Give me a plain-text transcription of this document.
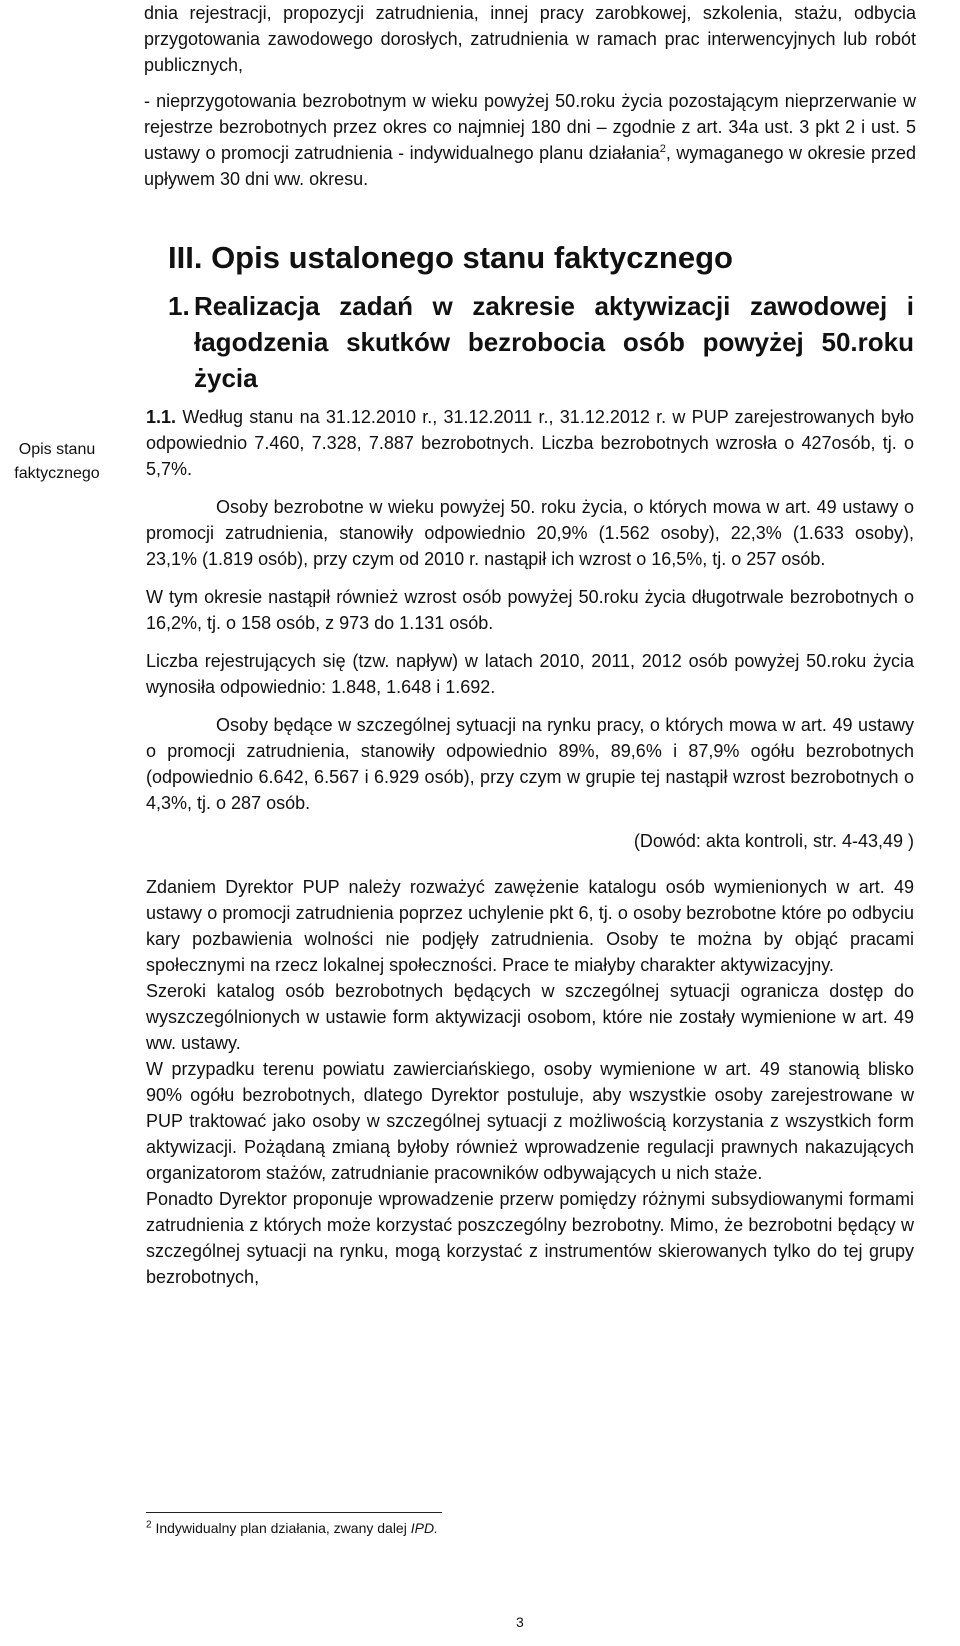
dnia rejestracji, propozycji zatrudnienia, innej pracy zarobkowej, szkolenia, stażu, odbycia przygotowania zawodowego dorosłych, zatrudnienia w ramach prac interwencyjnych lub robót publicznych,

- nieprzygotowania bezrobotnym w wieku powyżej 50.roku życia pozostającym nieprzerwanie w rejestrze bezrobotnych przez okres co najmniej 180 dni – zgodnie z art. 34a ust. 3 pkt 2 i ust. 5 ustawy o promocji zatrudnienia - indywidualnego planu działania$^2$, wymaganego w okresie przed upływem 30 dni ww. okresu.

Opis stanu faktycznego
III. Opis ustalonego stanu faktycznego
1. Realizacja zadań w zakresie aktywizacji zawodowej i łagodzenia skutków bezrobocia osób powyżej 50.roku życia

1.1. Według stanu na 31.12.2010 r., 31.12.2011 r., 31.12.2012 r. w PUP zarejestrowanych było odpowiednio 7.460, 7.328, 7.887 bezrobotnych. Liczba bezrobotnych wzrosła o 427osób, tj. o 5,7%.

Osoby bezrobotne w wieku powyżej 50. roku życia, o których mowa w art. 49 ustawy o promocji zatrudnienia, stanowiły odpowiednio 20,9% (1.562 osoby), 22,3% (1.633 osoby), 23,1% (1.819 osób), przy czym od 2010 r. nastąpił ich wzrost o 16,5%, tj. o 257 osób.

W tym okresie nastąpił również wzrost osób powyżej 50.roku życia długotrwale bezrobotnych o 16,2%, tj. o 158 osób, z 973 do 1.131 osób.

Liczba rejestrujących się (tzw. napływ) w latach 2010, 2011, 2012 osób powyżej 50.roku życia wynosiła odpowiednio: 1.848, 1.648 i 1.692.

Osoby będące w szczególnej sytuacji na rynku pracy, o których mowa w art. 49 ustawy o promocji zatrudnienia, stanowiły odpowiednio 89%, 89,6% i 87,9% ogółu bezrobotnych (odpowiednio 6.642, 6.567 i 6.929 osób), przy czym w grupie tej nastąpił wzrost bezrobotnych o 4,3%, tj. o 287 osób.

(Dowód: akta kontroli, str. 4-43,49 )

Zdaniem Dyrektor PUP należy rozważyć zawężenie katalogu osób wymienionych w art. 49 ustawy o promocji zatrudnienia poprzez uchylenie pkt 6, tj. o osoby bezrobotne które po odbyciu kary pozbawienia wolności nie podjęły zatrudnienia. Osoby te można by objąć pracami społecznymi na rzecz lokalnej społeczności. Prace te miałyby charakter aktywizacyjny.

Szeroki katalog osób bezrobotnych będących w szczególnej sytuacji ogranicza dostęp do wyszczególnionych w ustawie form aktywizacji osobom, które nie zostały wymienione w art. 49 ww. ustawy.

W przypadku terenu powiatu zawierciańskiego, osoby wymienione w art. 49 stanowią blisko 90% ogółu bezrobotnych, dlatego Dyrektor postuluje, aby wszystkie osoby zarejestrowane w PUP traktować jako osoby w szczególnej sytuacji z możliwością korzystania z wszystkich form aktywizacji. Pożądaną zmianą byłoby również wprowadzenie regulacji prawnych nakazujących organizatorom stażów, zatrudnianie pracowników odbywających u nich staże.

Ponadto Dyrektor proponuje wprowadzenie przerw pomiędzy różnymi subsydiowanymi formami zatrudnienia z których może korzystać poszczególny bezrobotny. Mimo, że bezrobotni będący w szczególnej sytuacji na rynku, mogą korzystać z instrumentów skierowanych tylko do tej grupy bezrobotnych,

$^2$ Indywidualny plan działania, zwany dalej IPD.
3
